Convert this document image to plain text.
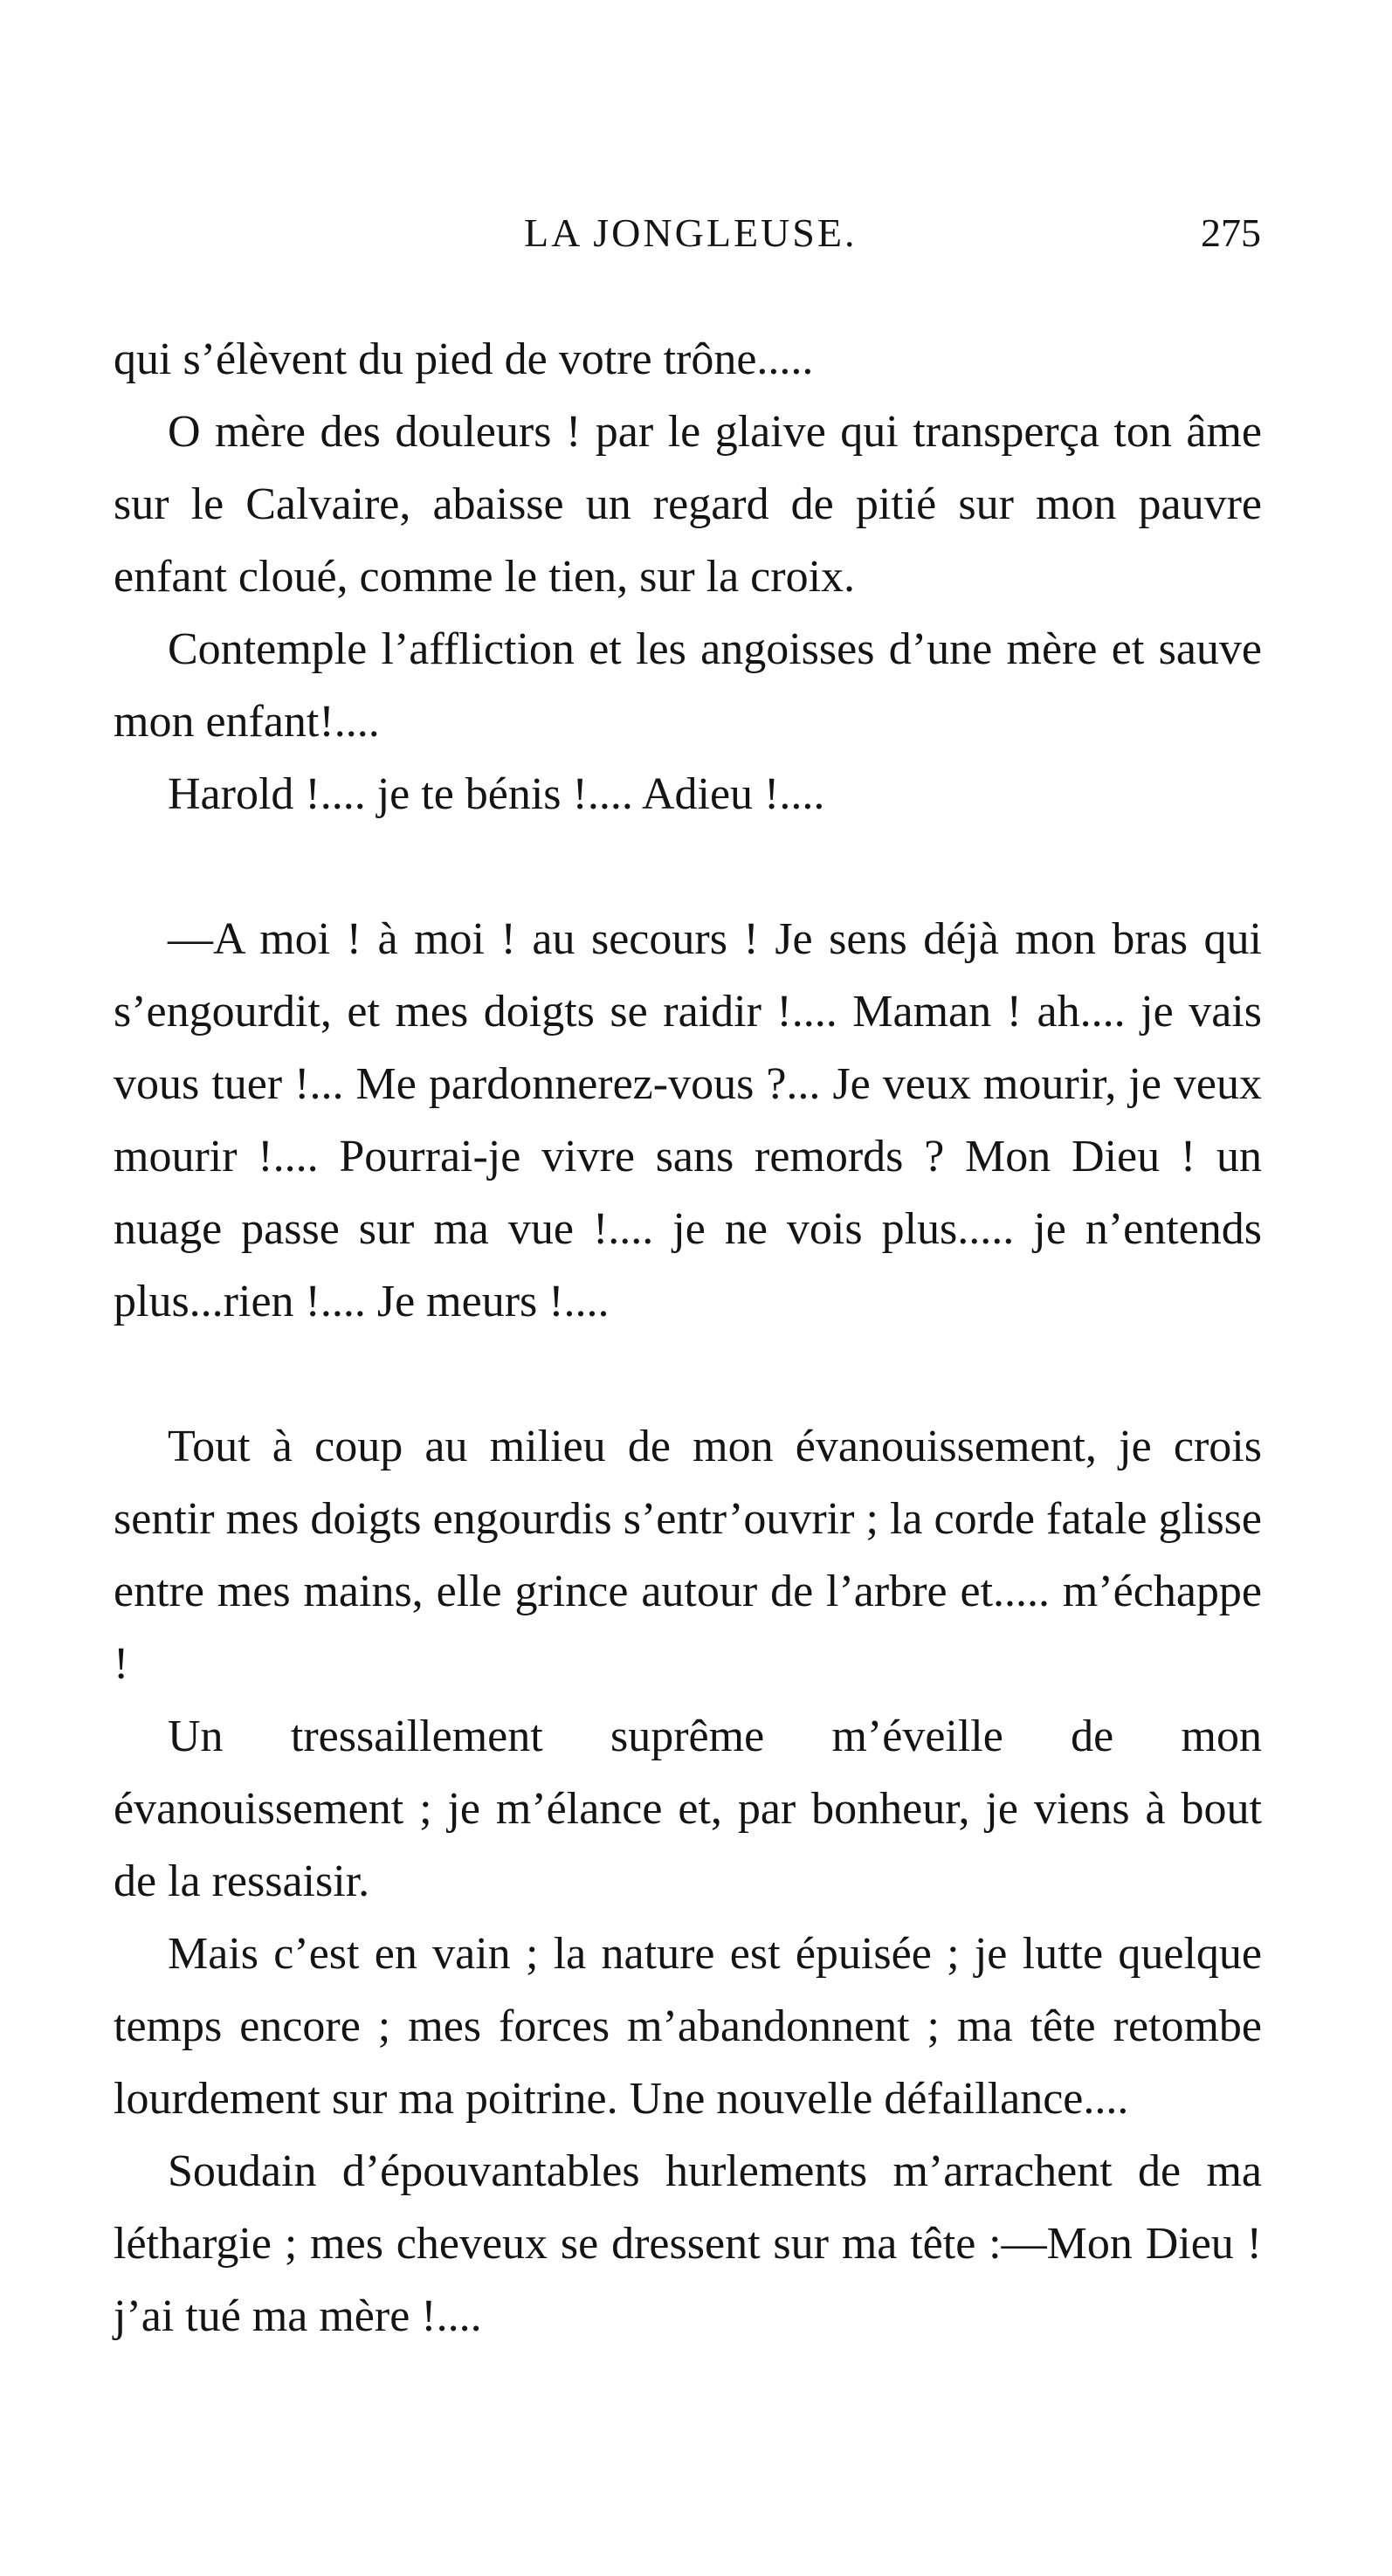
LA JONGLEUSE.	275

qui s’élèvent du pied de votre trône.....

O mère des douleurs ! par le glaive qui transperça ton âme sur le Calvaire, abaisse un regard de pitié sur mon pauvre enfant cloué, comme le tien, sur la croix.

Contemple l’affliction et les angoisses d’une mère et sauve mon enfant!....

Harold !.... je te bénis !.... Adieu !....

—A moi ! à moi ! au secours ! Je sens déjà mon bras qui s’engourdit, et mes doigts se raidir !.... Maman ! ah.... je vais vous tuer !... Me pardonnerez-vous ?... Je veux mourir, je veux mourir !.... Pourrai-je vivre sans remords ? Mon Dieu ! un nuage passe sur ma vue !.... je ne vois plus..... je n’entends plus...rien !.... Je meurs !....

Tout à coup au milieu de mon évanouissement, je crois sentir mes doigts engourdis s’entr’ouvrir ; la corde fatale glisse entre mes mains, elle grince autour de l’arbre et..... m’échappe !

Un tressaillement suprême m’éveille de mon évanouissement ; je m’élance et, par bonheur, je viens à bout de la ressaisir.

Mais c’est en vain ; la nature est épuisée ; je lutte quelque temps encore ; mes forces m’abandonnent ; ma tête retombe lourdement sur ma poitrine. Une nouvelle défaillance....

Soudain d’épouvantables hurlements m’arrachent de ma léthargie ; mes cheveux se dressent sur ma tête :—Mon Dieu ! j’ai tué ma mère !....
